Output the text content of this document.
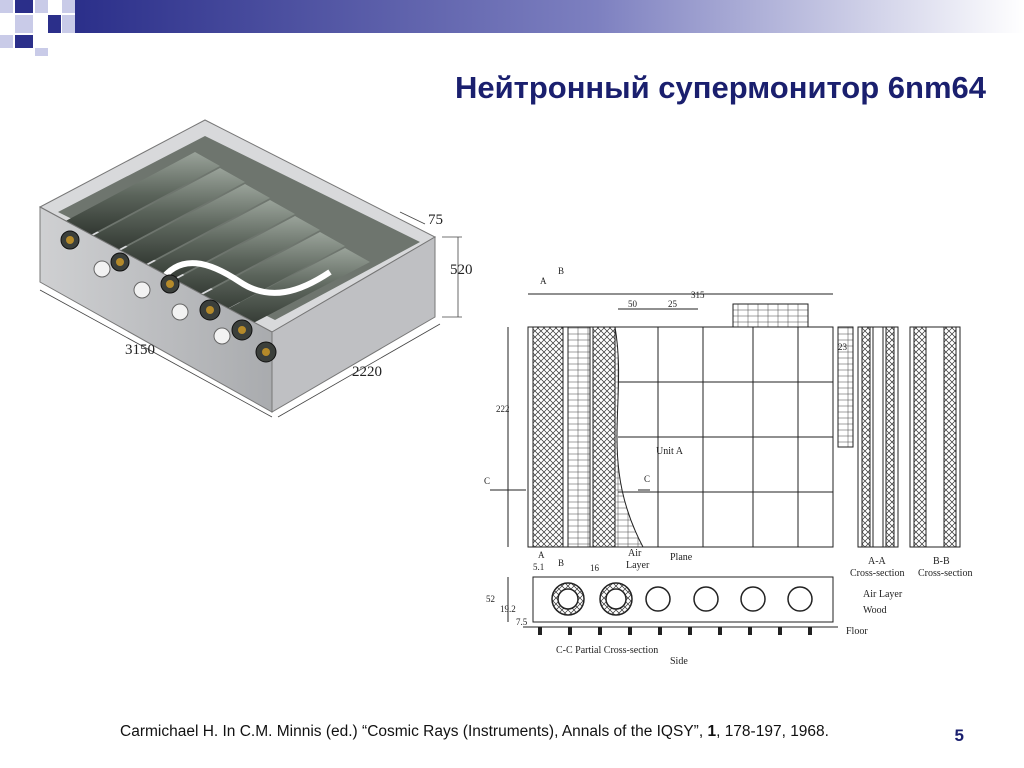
Нейтронный супермонитор 6nm64
3150
2220
520
75
A
B
315
50	25
222
23
Unit A
C	C
A
B
5.1	16
Air
Layer
Plane	A-A
Cross-section
B-B
Cross-section
52
19.2
7.5
Air Layer
Wood
Floor
C-C Partial Cross-section
Side
Carmichael H. In C.M. Minnis (ed.) “Cosmic Rays (Instruments), Annals of the IQSY”, 1, 178-197, 1968.	5
